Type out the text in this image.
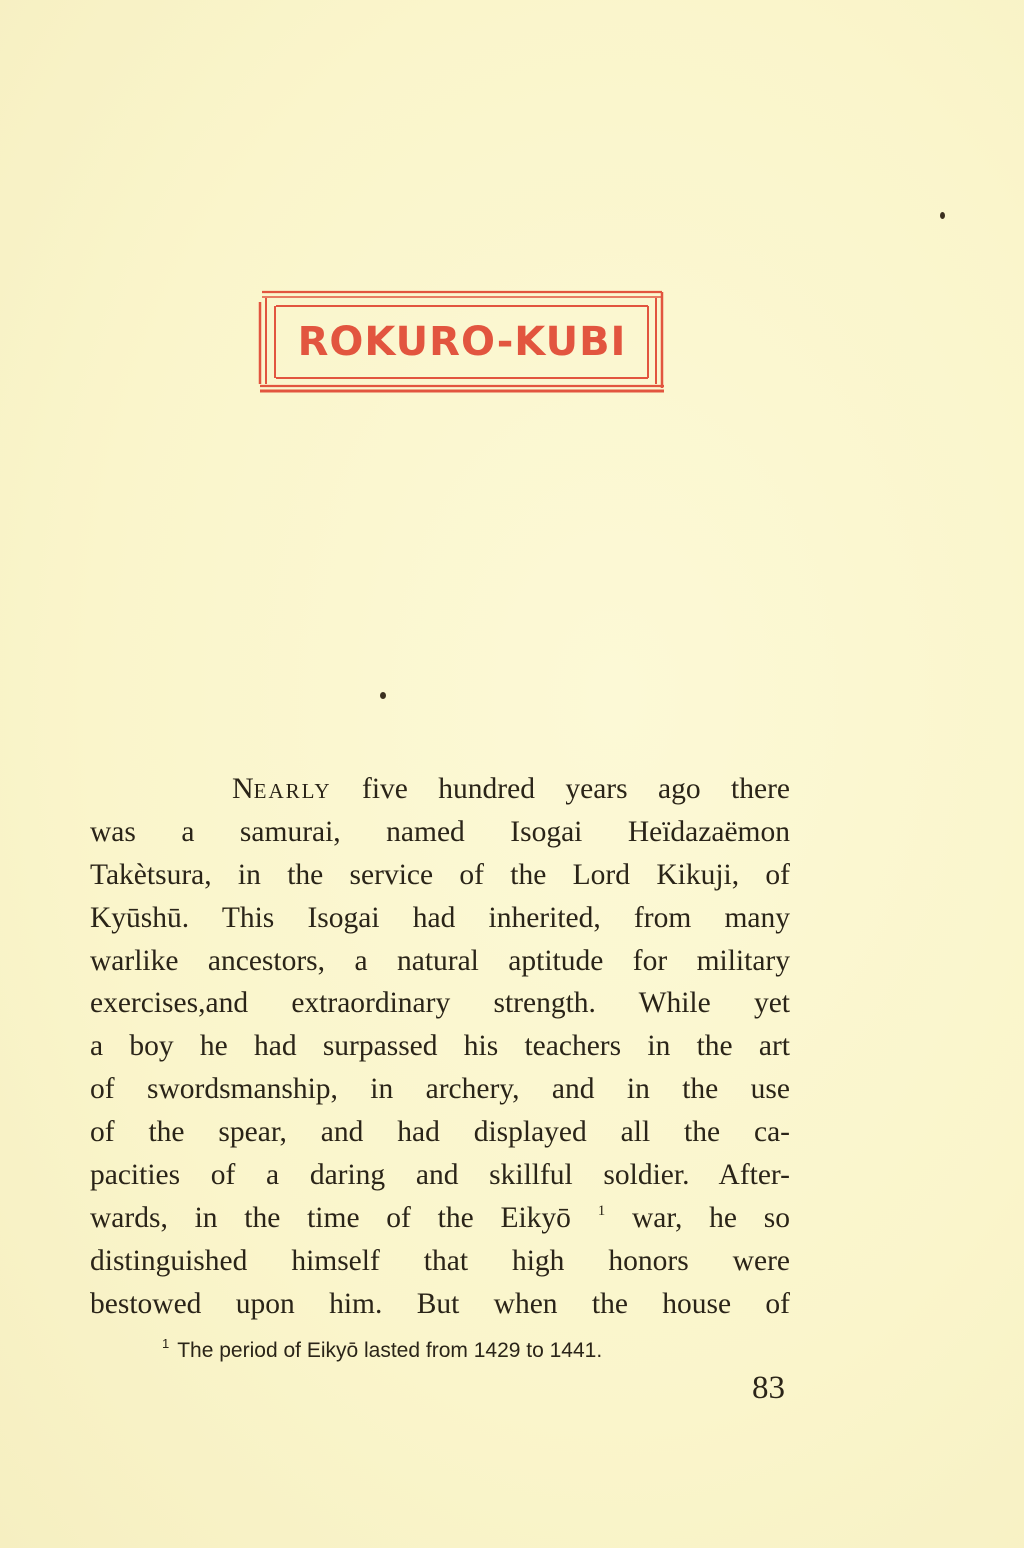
ROKURO-KUBI
NEARLY five hundred years ago there
was a samurai, named Isogai Heïdazaëmon
Takètsura, in the service of the Lord Kikuji, of
Kyūshū. This Isogai had inherited, from many
warlike ancestors, a natural aptitude for military
exercises,and extraordinary strength. While yet
a boy he had surpassed his teachers in the art
of swordsmanship, in archery, and in the use
of the spear, and had displayed all the ca-
pacities of a daring and skillful soldier. After-
wards, in the time of the Eikyō $^1$ war, he so
distinguished himself that high honors were
bestowed upon him. But when the house of
$^1$ The period of Eikyō lasted from 1429 to 1441.
83
